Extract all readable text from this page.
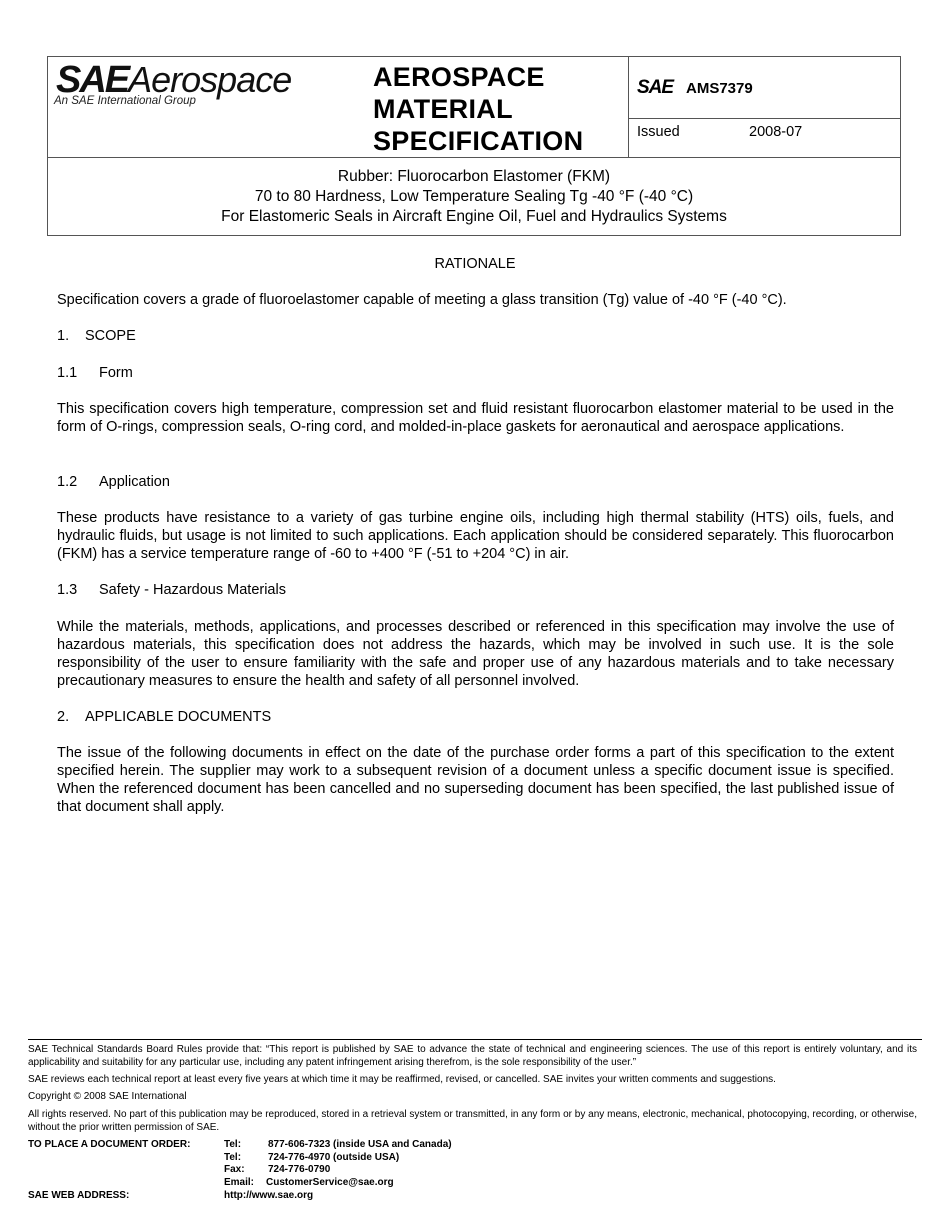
SAEAerospace
An SAE International Group
AEROSPACE
MATERIAL
SPECIFICATION
SAE AMS7379
Issued	2008-07
Rubber: Fluorocarbon Elastomer (FKM)
70 to 80 Hardness, Low Temperature Sealing Tg -40 °F (-40 °C)
For Elastomeric Seals in Aircraft Engine Oil, Fuel and Hydraulics Systems
RATIONALE

Specification covers a grade of fluoroelastomer capable of meeting a glass transition (Tg) value of -40 °F (-40 °C).

1. SCOPE
1.1 Form

This specification covers high temperature, compression set and fluid resistant fluorocarbon elastomer material to be used in the form of O-rings, compression seals, O-ring cord, and molded-in-place gaskets for aeronautical and aerospace applications.

1.2 Application

These products have resistance to a variety of gas turbine engine oils, including high thermal stability (HTS) oils, fuels, and hydraulic fluids, but usage is not limited to such applications. Each application should be considered separately. This fluorocarbon (FKM) has a service temperature range of -60 to +400 °F (-51 to +204 °C) in air.

1.3 Safety - Hazardous Materials

While the materials, methods, applications, and processes described or referenced in this specification may involve the use of hazardous materials, this specification does not address the hazards, which may be involved in such use. It is the sole responsibility of the user to ensure familiarity with the safe and proper use of any hazardous materials and to take necessary precautionary measures to ensure the health and safety of all personnel involved.

2. APPLICABLE DOCUMENTS

The issue of the following documents in effect on the date of the purchase order forms a part of this specification to the extent specified herein. The supplier may work to a subsequent revision of a document unless a specific document issue is specified. When the referenced document has been cancelled and no superseding document has been specified, the last published issue of that document shall apply.

SAE Technical Standards Board Rules provide that: “This report is published by SAE to advance the state of technical and engineering sciences. The use of this report is entirely voluntary, and its applicability and suitability for any particular use, including any patent infringement arising therefrom, is the sole responsibility of the user.”

SAE reviews each technical report at least every five years at which time it may be reaffirmed, revised, or cancelled. SAE invites your written comments and suggestions.

Copyright © 2008 SAE International

All rights reserved. No part of this publication may be reproduced, stored in a retrieval system or transmitted, in any form or by any means, electronic, mechanical, photocopying, recording, or otherwise, without the prior written permission of SAE.

TO PLACE A DOCUMENT ORDER:	Tel:	877-606-7323 (inside USA and Canada)
Tel:	724-776-4970 (outside USA)
Fax: 724-776-0790
Email: CustomerService@sae.org
SAE WEB ADDRESS:	http://www.sae.org
